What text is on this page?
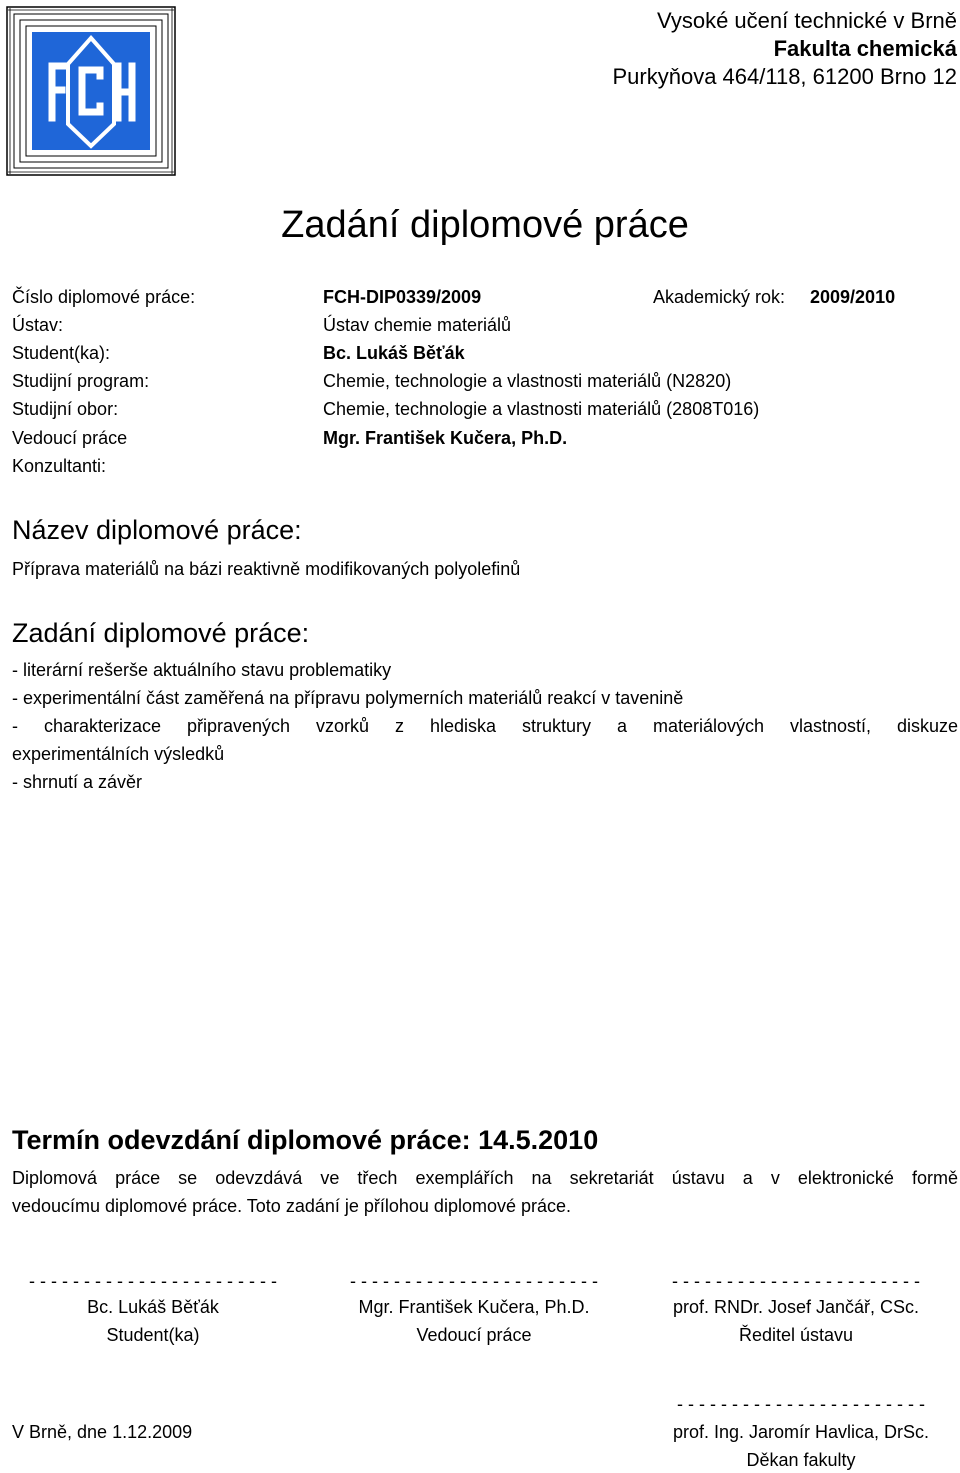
Vysoké učení technické v Brně
Fakulta chemická
Purkyňova 464/118, 61200 Brno 12
Zadání diplomové práce
Číslo diplomové práce:	FCH-DIP0339/2009	Akademický rok: 2009/2010
Ústav:	Ústav chemie materiálů
Student(ka):	Bc. Lukáš Běťák
Studijní program:	Chemie, technologie a vlastnosti materiálů (N2820)
Studijní obor:	Chemie, technologie a vlastnosti materiálů (2808T016)
Vedoucí práce	Mgr. František Kučera, Ph.D.
Konzultanti:
Název diplomové práce:
Příprava materiálů na bázi reaktivně modifikovaných polyolefinů
Zadání diplomové práce:
- literární rešerše aktuálního stavu problematiky
- experimentální část zaměřená na přípravu polymerních materiálů reakcí v tavenině
- charakterizace připravených vzorků z hlediska struktury a materiálových vlastností, diskuze
experimentálních výsledků
- shrnutí a závěr
Termín odevzdání diplomové práce: 14.5.2010
Diplomová práce se odevzdává ve třech exemplářích na sekretariát ústavu a v elektronické formě
vedoucímu diplomové práce. Toto zadání je přílohou diplomové práce.
- - - - - - - - - - - - - - - - - - - - - - -	- - - - - - - - - - - - - - - - - - - - - - -	- - - - - - - - - - - - - - - - - - - - - - -
Bc. Lukáš Běťák	Mgr. František Kučera, Ph.D.	prof. RNDr. Josef Jančář, CSc.
Student(ka)	Vedoucí práce	Ředitel ústavu
- - - - - - - - - - - - - - - - - - - - - - -
V Brně, dne 1.12.2009	prof. Ing. Jaromír Havlica, DrSc.
Děkan fakulty
